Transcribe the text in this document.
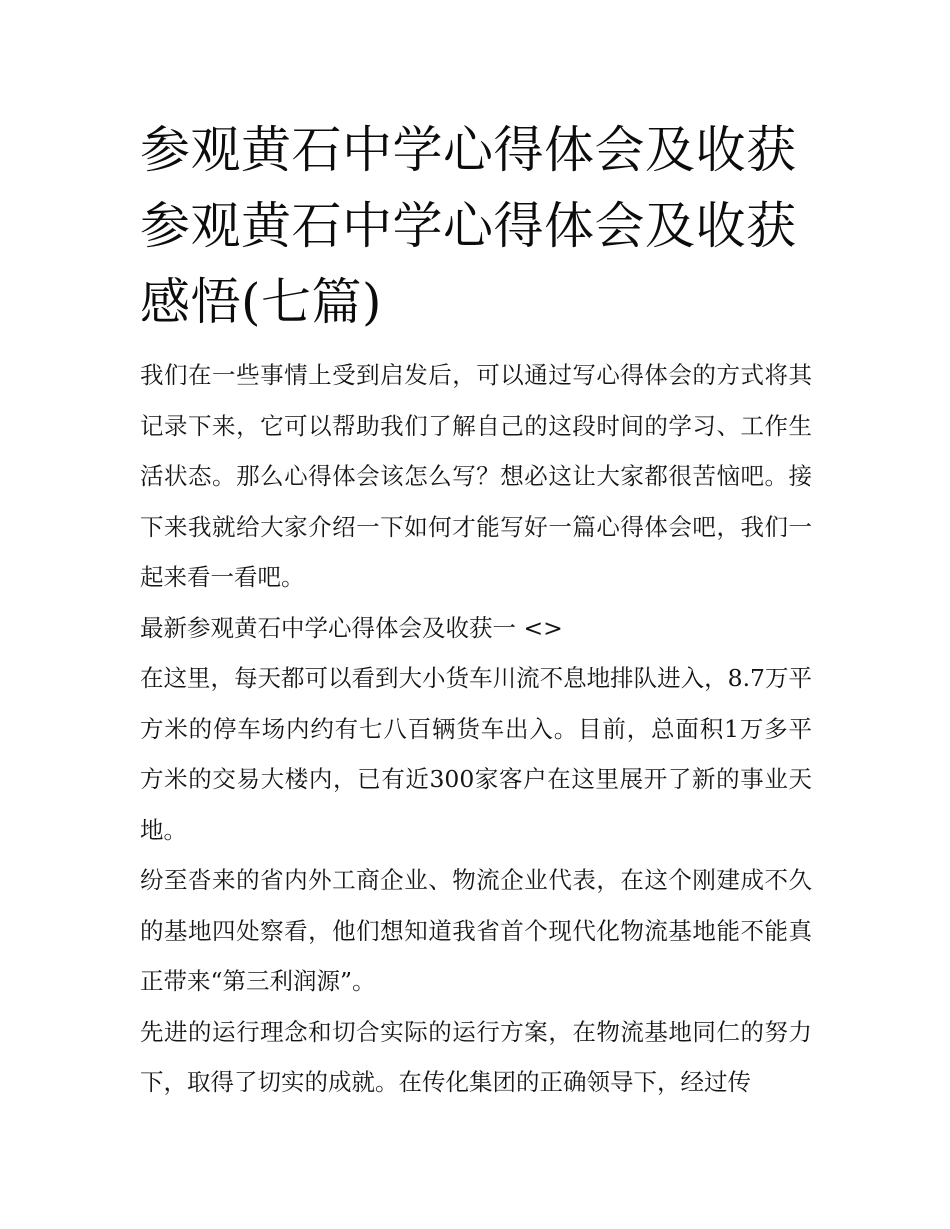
参观黄石中学心得体会及收获参观黄石中学心得体会及收获感悟(七篇)

我们在一些事情上受到启发后，可以通过写心得体会的方式将其记录下来，它可以帮助我们了解自己的这段时间的学习、工作生活状态。那么心得体会该怎么写？想必这让大家都很苦恼吧。接下来我就给大家介绍一下如何才能写好一篇心得体会吧，我们一起来看一看吧。

最新参观黄石中学心得体会及收获一 <>

在这里，每天都可以看到大小货车川流不息地排队进入，8.7万平方米的停车场内约有七八百辆货车出入。目前，总面积1万多平方米的交易大楼内，已有近300家客户在这里展开了新的事业天地。

纷至沓来的省内外工商企业、物流企业代表，在这个刚建成不久的基地四处察看，他们想知道我省首个现代化物流基地能不能真正带来“第三利润源”。

先进的运行理念和切合实际的运行方案，在物流基地同仁的努力下，取得了切实的成就。在传化集团的正确领导下，经过传
